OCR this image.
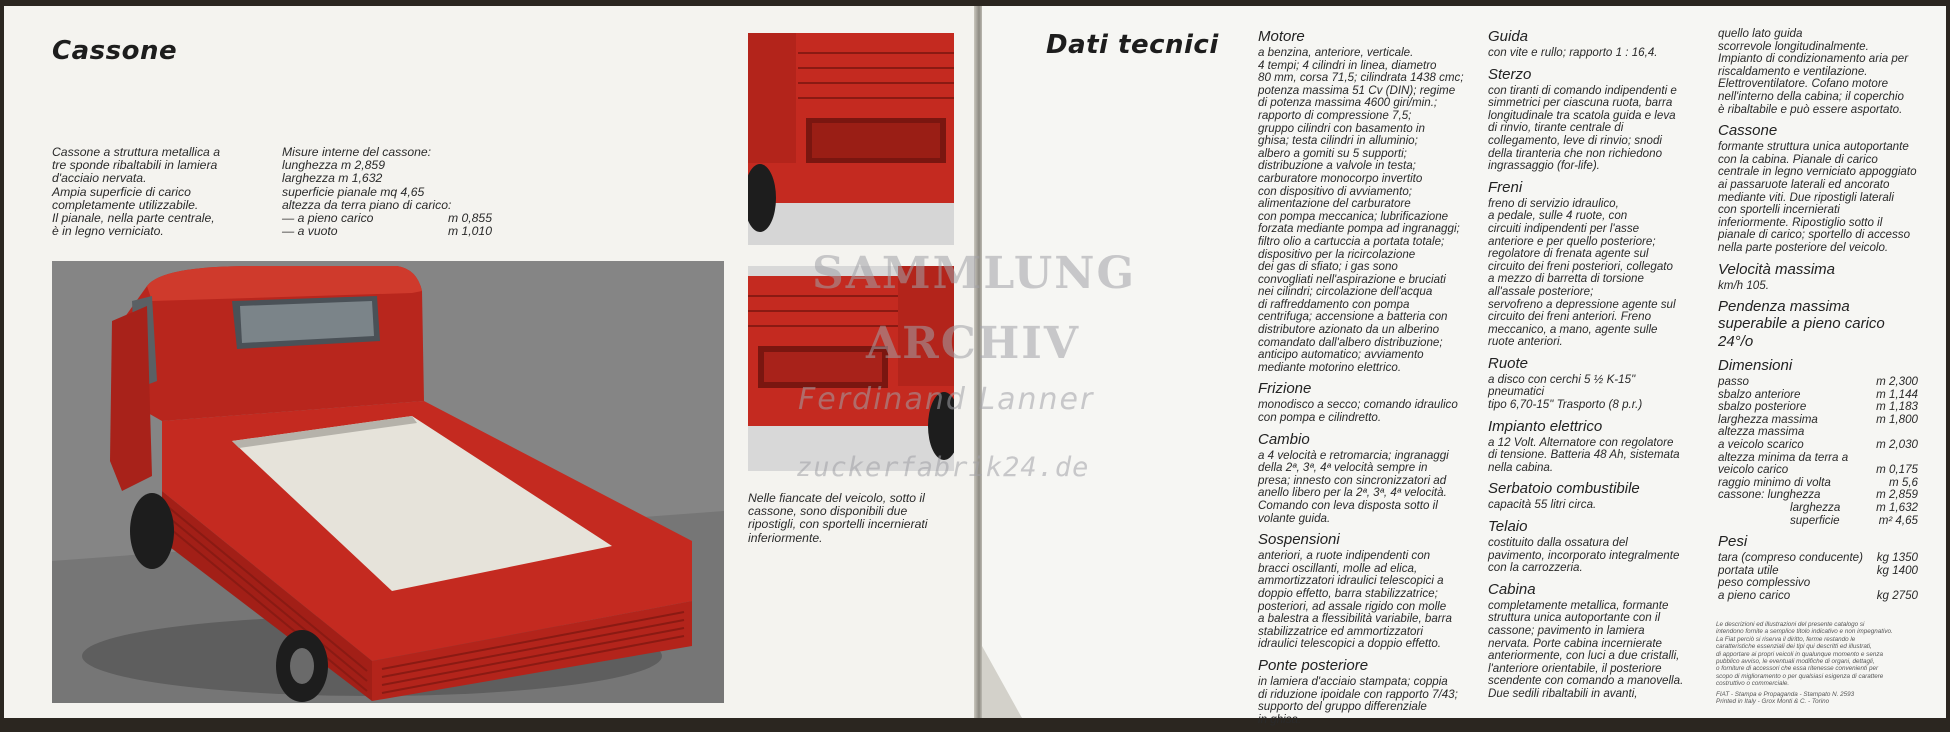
Cassone
Cassone a struttura metallica a
tre sponde ribaltabili in lamiera
d'acciaio nervata.
Ampia superficie di carico
completamente utilizzabile.
Il pianale, nella parte centrale,
è in legno verniciato.
Misure interne del cassone:
lunghezza m 2,859
larghezza m 1,632
superficie pianale mq 4,65
altezza da terra piano di carico:
— a pieno carico	m 0,855
— a vuoto	m 1,010
Nelle fiancate del veicolo, sotto il
cassone, sono disponibili due
ripostigli, con sportelli incernierati
inferiormente.
Dati tecnici	Motore
a benzina, anteriore, verticale.
4 tempi; 4 cilindri in linea, diametro
80 mm, corsa 71,5; cilindrata 1438 cmc;
potenza massima 51 Cv (DIN); regime
di potenza massima 4600 giri/min.;
rapporto di compressione 7,5;
gruppo cilindri con basamento in
ghisa; testa cilindri in alluminio;
albero a gomiti su 5 supporti;
distribuzione a valvole in testa;
carburatore monocorpo invertito
con dispositivo di avviamento;
alimentazione del carburatore
con pompa meccanica; lubrificazione
forzata mediante pompa ad ingranaggi;
filtro olio a cartuccia a portata totale;
dispositivo per la ricircolazione
dei gas di sfiato; i gas sono
convogliati nell'aspirazione e bruciati
nei cilindri; circolazione dell'acqua
di raffreddamento con pompa
centrifuga; accensione a batteria con
distributore azionato da un alberino
comandato dall'albero distribuzione;
anticipo automatico; avviamento
mediante motorino elettrico.
Frizione
monodisco a secco; comando idraulico
con pompa e cilindretto.
Cambio
a 4 velocità e retromarcia; ingranaggi
della 2ª, 3ª, 4ª velocità sempre in
presa; innesto con sincronizzatori ad
anello libero per la 2ª, 3ª, 4ª velocità.
Comando con leva disposta sotto il
volante guida.
Sospensioni
anteriori, a ruote indipendenti con
bracci oscillanti, molle ad elica,
ammortizzatori idraulici telescopici a
doppio effetto, barra stabilizzatrice;
posteriori, ad assale rigido con molle
a balestra a flessibilità variabile, barra
stabilizzatrice ed ammortizzatori
idraulici telescopici a doppio effetto.
Ponte posteriore
in lamiera d'acciaio stampata; coppia
di riduzione ipoidale con rapporto 7/43;
supporto del gruppo differenziale
in ghisa.
Guida
con vite e rullo; rapporto 1 : 16,4.
Sterzo
con tiranti di comando indipendenti e
simmetrici per ciascuna ruota, barra
longitudinale tra scatola guida e leva
di rinvio, tirante centrale di
collegamento, leve di rinvio; snodi
della tiranteria che non richiedono
ingrassaggio (for-life).
Freni
freno di servizio idraulico,
a pedale, sulle 4 ruote, con
circuiti indipendenti per l'asse
anteriore e per quello posteriore;
regolatore di frenata agente sul
circuito dei freni posteriori, collegato
a mezzo di barretta di torsione
all'assale posteriore;
servofreno a depressione agente sul
circuito dei freni anteriori. Freno
meccanico, a mano, agente sulle
ruote anteriori.
Ruote
a disco con cerchi 5 ½ K-15"
pneumatici
tipo 6,70-15" Trasporto (8 p.r.)
Impianto elettrico
a 12 Volt. Alternatore con regolatore
di tensione. Batteria 48 Ah, sistemata
nella cabina.
Serbatoio combustibile
capacità 55 litri circa.
Telaio
costituito dalla ossatura del
pavimento, incorporato integralmente
con la carrozzeria.
Cabina
completamente metallica, formante
struttura unica autoportante con il
cassone; pavimento in lamiera
nervata. Porte cabina incernierate
anteriormente, con luci a due cristalli,
l'anteriore orientabile, il posteriore
scendente con comando a manovella.
Due sedili ribaltabili in avanti,
quello lato guida
scorrevole longitudinalmente.
Impianto di condizionamento aria per
riscaldamento e ventilazione.
Elettroventilatore. Cofano motore
nell'interno della cabina; il coperchio
è ribaltabile e può essere asportato.
Cassone
formante struttura unica autoportante
con la cabina. Pianale di carico
centrale in legno verniciato appoggiato
ai passaruote laterali ed ancorato
mediante viti. Due ripostigli laterali
con sportelli incernierati
inferiormente. Ripostiglio sotto il
pianale di carico; sportello di accesso
nella parte posteriore del veicolo.
Velocità massima
km/h 105.
Pendenza massima
superabile a pieno carico 24°/o
Dimensioni
passo	m 2,300
sbalzo anteriore	m 1,144
sbalzo posteriore	m 1,183
larghezza massima	m 1,800
altezza massima
a veicolo scarico	m 2,030
altezza minima da terra a
veicolo carico	m 0,175
raggio minimo di volta	m 5,6
cassone: lunghezza	m 2,859
larghezza	m 1,632
superficie	m² 4,65
Pesi
tara (compreso conducente) kg 1350
portata utile	kg 1400
peso complessivo
a pieno carico	kg 2750
Le descrizioni ed illustrazioni del presente catalogo si
intendono fornite a semplice titolo indicativo e non impegnativo.
La Fiat perciò si riserva il diritto, ferme restando le
caratteristiche essenziali dei tipi qui descritti ed illustrati,
di apportare ai propri veicoli in qualunque momento e senza
pubblico avviso, le eventuali modifiche di organi, dettagli,
o forniture di accessori che essa ritenesse convenienti per
scopo di miglioramento o per qualsiasi esigenza di carattere
costruttivo o commerciale.
FIAT - Stampa e Propaganda - Stampato N. 2593
Printed in Italy - Grox Monti & C. - Torino
SAMMLUNG
ARCHIV
Ferdinand Lanner
zuckerfabrik24.de
